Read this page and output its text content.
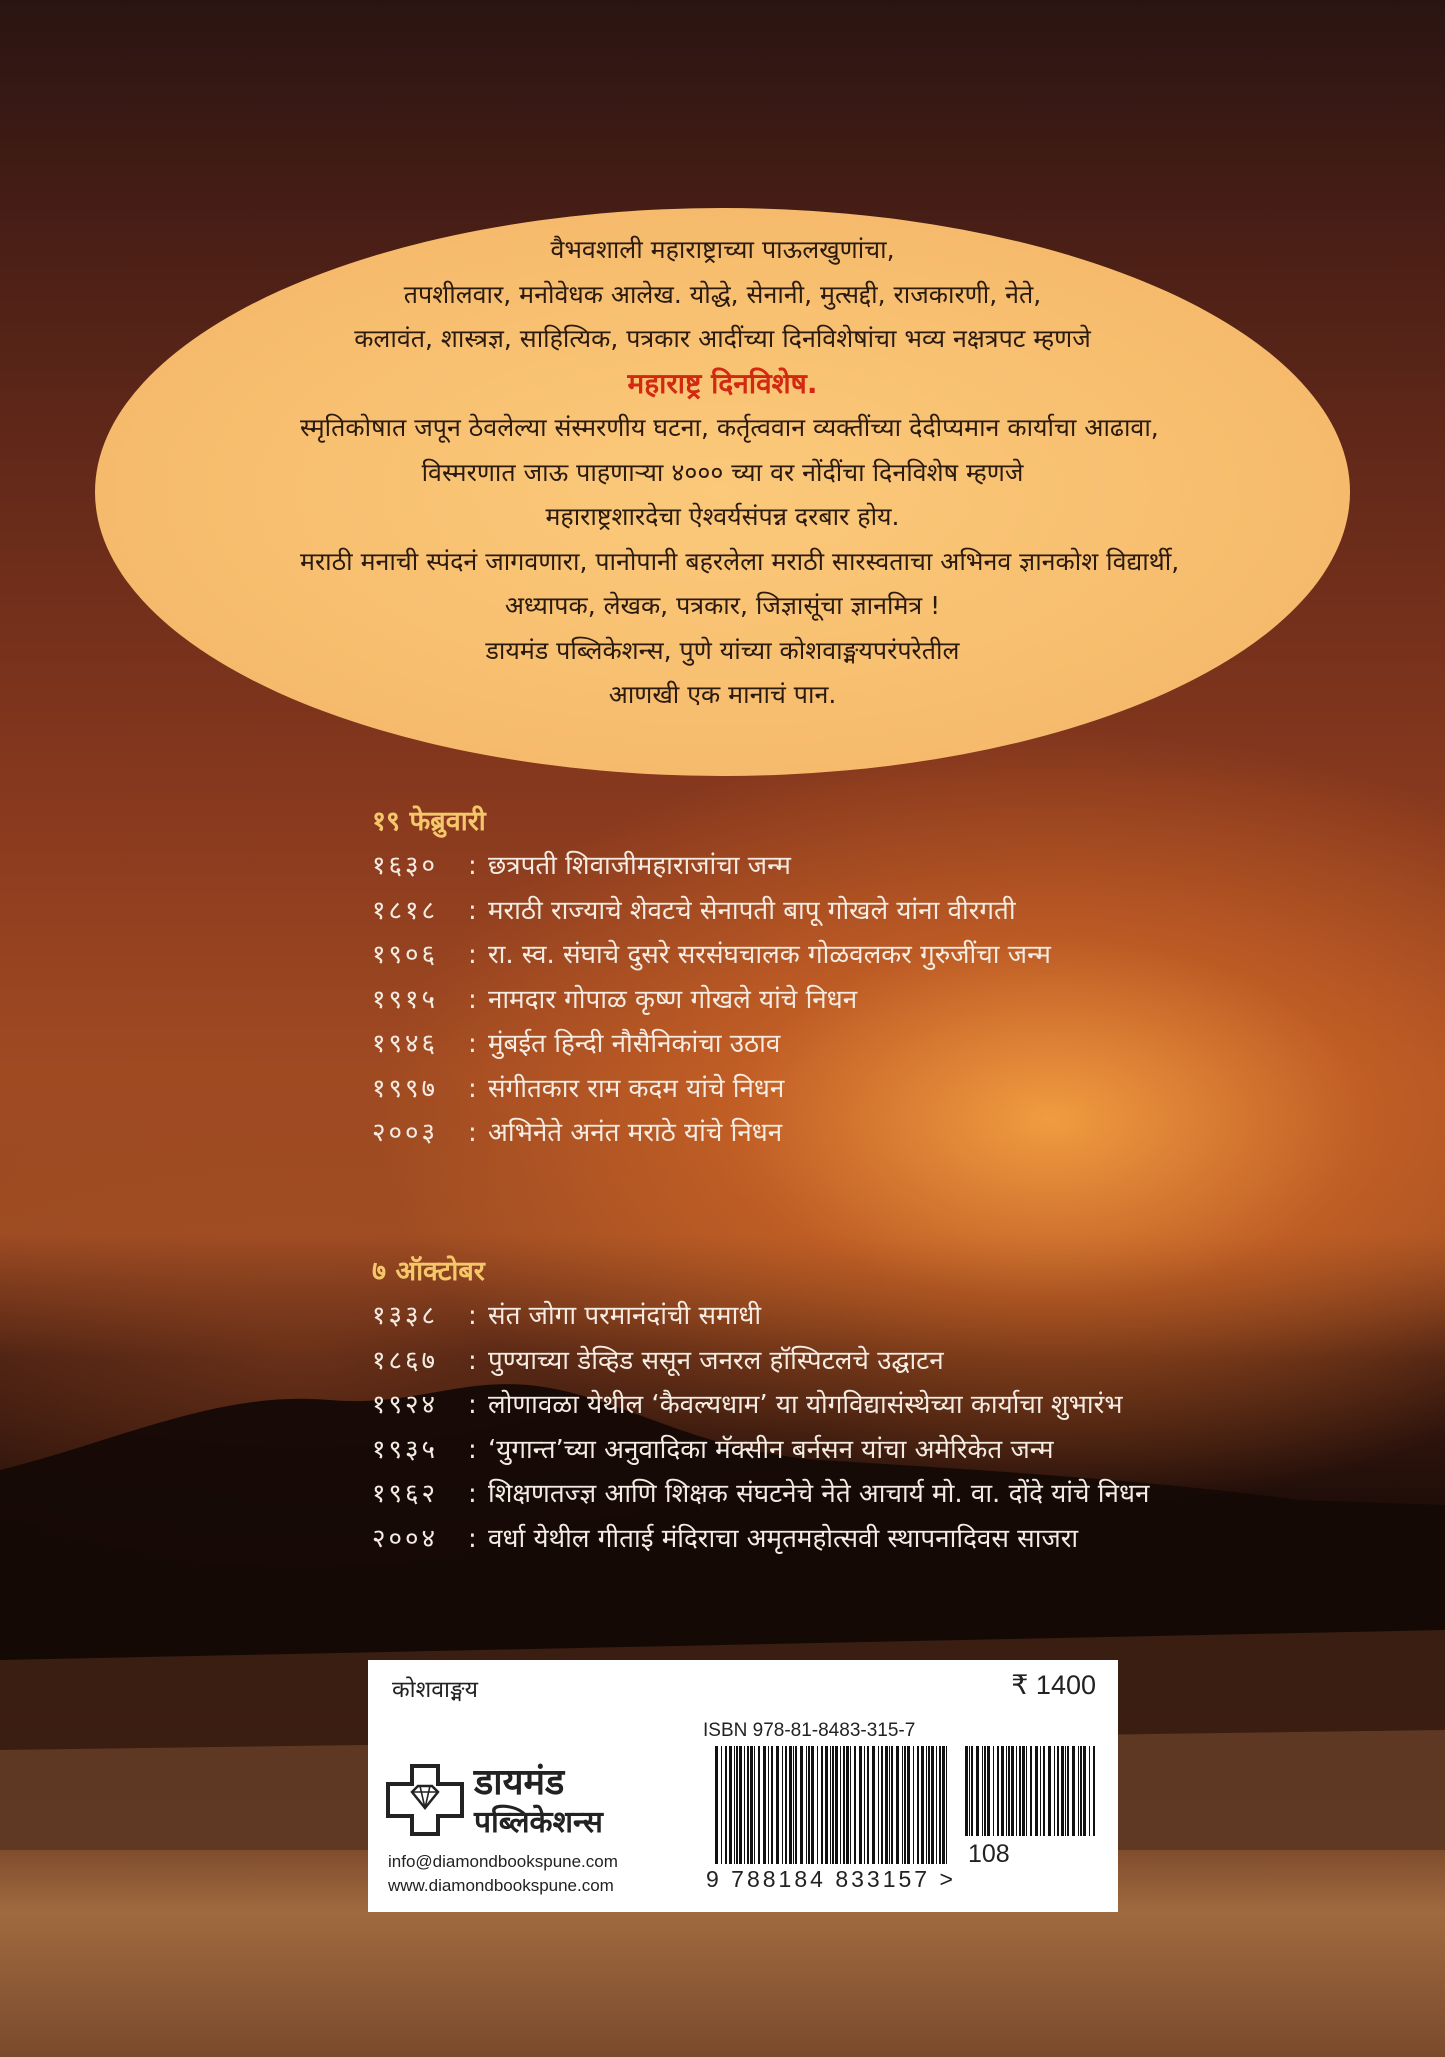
वैभवशाली महाराष्ट्राच्या पाऊलखुणांचा,
तपशीलवार, मनोवेधक आलेख. योद्धे, सेनानी, मुत्सद्दी, राजकारणी, नेते,
कलावंत, शास्त्रज्ञ, साहित्यिक, पत्रकार आदींच्या दिनविशेषांचा भव्य नक्षत्रपट म्हणजे
महाराष्ट्र दिनविशेष.
स्मृतिकोषात जपून ठेवलेल्या संस्मरणीय घटना, कर्तृत्ववान व्यक्तींच्या देदीप्यमान कार्याचा आढावा,
विस्मरणात जाऊ पाहणाऱ्या ४००० च्या वर नोंदींचा दिनविशेष म्हणजे
महाराष्ट्रशारदेचा ऐश्वर्यसंपन्न दरबार होय.
मराठी मनाची स्पंदनं जागवणारा, पानोपानी बहरलेला मराठी सारस्वताचा अभिनव ज्ञानकोश विद्यार्थी,
अध्यापक, लेखक, पत्रकार, जिज्ञासूंचा ज्ञानमित्र !
डायमंड पब्लिकेशन्स, पुणे यांच्या कोशवाङ्मयपरंपरेतील
आणखी एक मानाचं पान.
१९ फेब्रुवारी
१६३०	: छत्रपती शिवाजीमहाराजांचा जन्म
१८१८	: मराठी राज्याचे शेवटचे सेनापती बापू गोखले यांना वीरगती
१९०६	: रा. स्व. संघाचे दुसरे सरसंघचालक गोळवलकर गुरुजींचा जन्म
१९१५	: नामदार गोपाळ कृष्ण गोखले यांचे निधन
१९४६	: मुंबईत हिन्दी नौसैनिकांचा उठाव
१९९७	: संगीतकार राम कदम यांचे निधन
२००३	: अभिनेते अनंत मराठे यांचे निधन
७ ऑक्टोबर
१३३८	: संत जोगा परमानंदांची समाधी
१८६७	: पुण्याच्या डेव्हिड ससून जनरल हॉस्पिटलचे उद्घाटन
१९२४	: लोणावळा येथील ‘कैवल्यधाम’ या योगविद्यासंस्थेच्या कार्याचा शुभारंभ
१९३५	: ‘युगान्त’च्या अनुवादिका मॅक्सीन बर्नसन यांचा अमेरिकेत जन्म
१९६२	: शिक्षणतज्ज्ञ आणि शिक्षक संघटनेचे नेते आचार्य मो. वा. दोंदे यांचे निधन
२००४	: वर्धा येथील गीताई मंदिराचा अमृतमहोत्सवी स्थापनादिवस साजरा
कोशवाङ्मय	₹ 1400
ISBN 978-81-8483-315-7
डायमंड
पब्लिकेशन्स
info@diamondbookspune.com
www.diamondbookspune.com	9 788184 833157 >
108
